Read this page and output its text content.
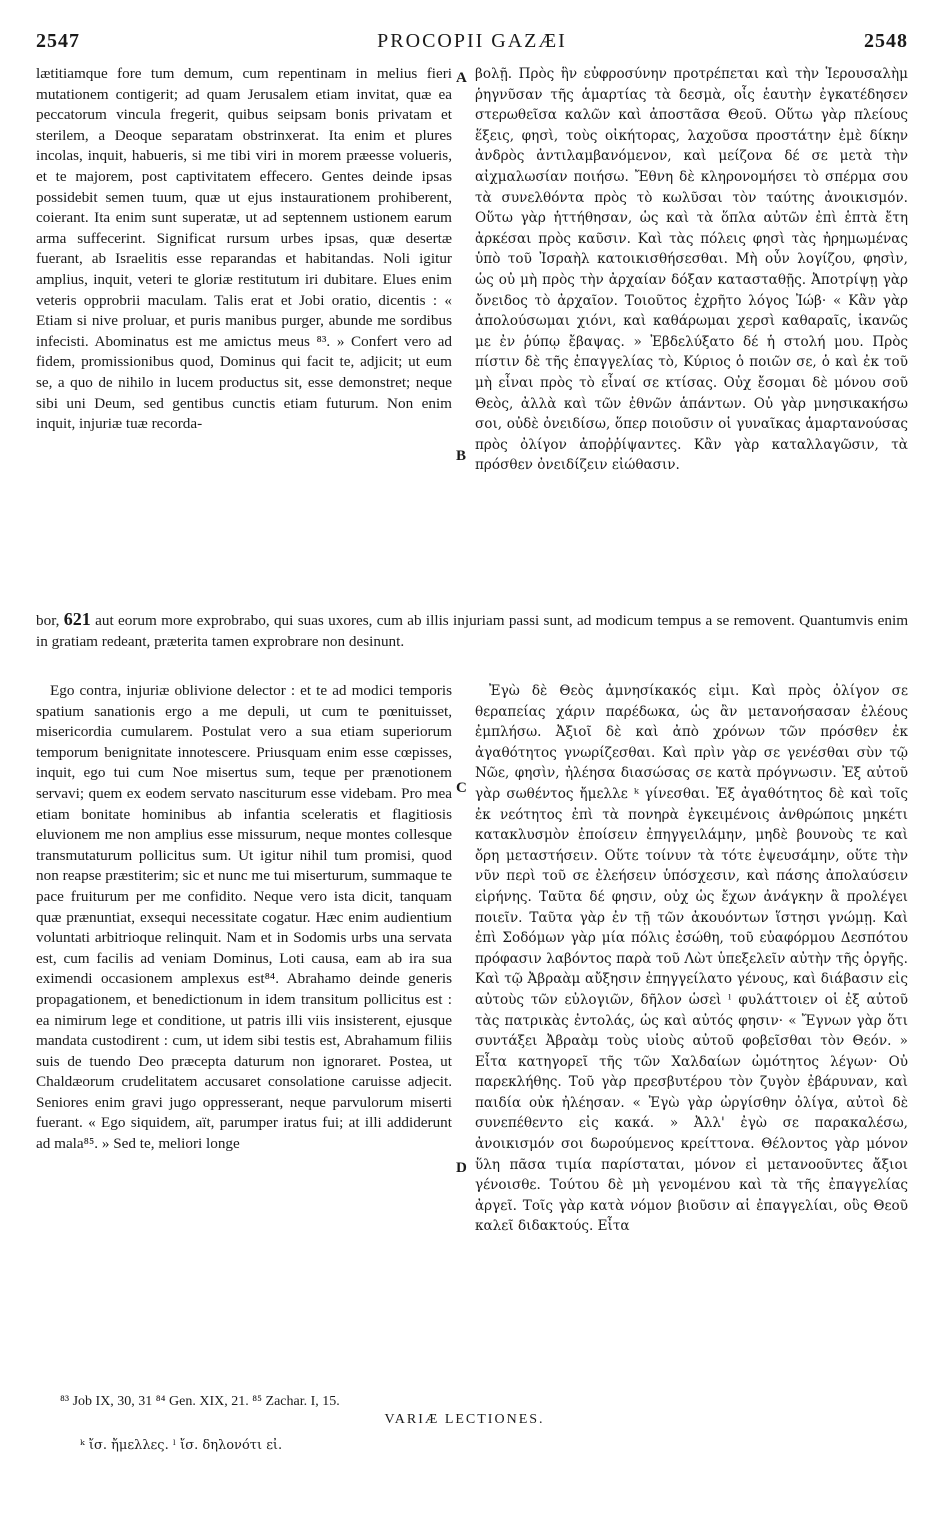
2547	PROCOPII GAZÆI	2548

lætitiamque fore tum demum, cum repentinam in melius fieri mutationem contigerit; ad quam Jerusalem etiam invitat, quæ ea peccatorum vincula fregerit, quibus seipsam bonis privatam et sterilem, a Deoque separatam obstrinxerat. Ita enim et plures incolas, inquit, habueris, si me tibi viri in morem præesse volueris, et te majorem, post captivitatem effecero. Gentes deinde ipsas possidebit semen tuum, quæ ut ejus instaurationem prohiberent, coierant. Ita enim sunt superatæ, ut ad septennem ustionem earum arma suffecerint. Significat rursum urbes ipsas, quæ desertæ fuerant, ab Israelitis esse reparandas et habitandas. Noli igitur amplius, inquit, veteri te gloriæ restitutum iri dubitare. Elues enim veteris opprobrii maculam. Talis erat et Jobi oratio, dicentis : « Etiam si nive proluar, et puris manibus purger, abunde me sordibus infecisti. Abominatus est me amictus meus ⁸³. » Confert vero ad fidem, promissionibus quod, Dominus qui facit te, adjicit; ut eum se, a quo de nihilo in lucem productus sit, esse demonstret; neque sibi uni Deum, sed gentibus cunctis etiam futurum. Non enim inquit, injuriæ tuæ recorda-

A
B
C
D

βολῇ. Πρὸς ἣν εὐφροσύνην προτρέπεται καὶ τὴν Ἱερουσαλὴμ ῥηγνῦσαν τῆς ἁμαρτίας τὰ δεσμὰ, οἷς ἑαυτὴν ἐγκατέδησεν στερωθεῖσα καλῶν καὶ ἀποστᾶσα Θεοῦ. Οὕτω γὰρ πλείους ἕξεις, φησὶ, τοὺς οἰκήτορας, λαχοῦσα προστάτην ἐμὲ δίκην ἀνδρὸς ἀντιλαμβανόμενον, καὶ μείζονα δέ σε μετὰ τὴν αἰχμαλωσίαν ποιήσω. Ἔθνη δὲ κληρονομήσει τὸ σπέρμα σου τὰ συνελθόντα πρὸς τὸ κωλῦσαι τὸν ταύτης ἀνοικισμόν. Οὕτω γὰρ ἡττήθησαν, ὡς καὶ τὰ ὅπλα αὐτῶν ἐπὶ ἑπτὰ ἔτη ἀρκέσαι πρὸς καῦσιν. Καὶ τὰς πόλεις φησὶ τὰς ἠρημωμένας ὑπὸ τοῦ Ἰσραὴλ κατοικισθήσεσθαι. Μὴ οὖν λογίζου, φησὶν, ὡς οὐ μὴ πρὸς τὴν ἀρχαίαν δόξαν κατασταθῇς. Ἀποτρίψῃ γὰρ ὄνειδος τὸ ἀρχαῖον. Τοιοῦτος ἐχρῆτο λόγος Ἰώβ· « Κἂν γὰρ ἀπολούσωμαι χιόνι, καὶ καθάρωμαι χερσὶ καθαραῖς, ἱκανῶς με ἐν ῥύπῳ ἔβαψας. » Ἐβδελύξατο δέ ἡ στολή μου. Πρὸς πίστιν δὲ τῆς ἐπαγγελίας τὸ, Κύριος ὁ ποιῶν σε, ὁ καὶ ἐκ τοῦ μὴ εἶναι πρὸς τὸ εἶναί σε κτίσας. Οὐχ ἔσομαι δὲ μόνου σοῦ Θεὸς, ἀλλὰ καὶ τῶν ἐθνῶν ἁπάντων. Οὐ γὰρ μνησικακήσω σοι, οὐδὲ ὀνειδίσω, ὅπερ ποιοῦσιν οἱ γυναῖκας ἁμαρτανούσας πρὸς ὀλίγον ἀποῤῥίψαντες. Κἂν γὰρ καταλλαγῶσιν, τὰ πρόσθεν ὀνειδίζειν εἰώθασιν.

bor, 621 aut eorum more exprobrabo, qui suas uxores, cum ab illis injuriam passi sunt, ad modicum tempus a se removent. Quantumvis enim in gratiam redeant, præterita tamen exprobrare non desinunt.

Ego contra, injuriæ oblivione delector : et te ad modici temporis spatium sanationis ergo a me depuli, ut cum te pœnituisset, misericordia cumularem. Postulat vero a sua etiam superiorum temporum benignitate innotescere. Priusquam enim esse cœpisses, inquit, ego tui cum Noe misertus sum, teque per prænotionem servavi; quem ex eodem servato nasciturum esse videbam. Pro mea etiam bonitate hominibus ab infantia sceleratis et flagitiosis eluvionem me non amplius esse missurum, neque montes collesque transmutaturum pollicitus sum. Ut igitur nihil tum promisi, quod non reapse præstiterim; sic et nunc me tui miserturum, summaque te pace fruiturum per me confidito. Neque vero ista dicit, tanquam quæ prænuntiat, exsequi necessitate cogatur. Hæc enim audientium voluntati arbitrioque relinquit. Nam et in Sodomis urbs una servata est, cum facilis ad veniam Dominus, Loti causa, eam ab ira sua eximendi occasionem amplexus est⁸⁴. Abrahamo deinde generis propagationem, et benedictionum in idem transitum pollicitus est : ea nimirum lege et conditione, ut patris illi viis insisterent, ejusque mandata custodirent : cum, ut idem sibi testis est, Abrahamum filiis suis de tuendo Deo præcepta daturum non ignoraret. Postea, ut Chaldæorum crudelitatem accusaret consolatione caruisse adjecit. Seniores enim gravi jugo oppresserant, neque parvulorum miserti fuerant. « Ego siquidem, aït, parumper iratus fui; at illi addiderunt ad mala⁸⁵. » Sed te, meliori longe

Ἐγὼ δὲ Θεὸς ἀμνησίκακός εἰμι. Καὶ πρὸς ὀλίγον σε θεραπείας χάριν παρέδωκα, ὡς ἂν μετανοήσασαν ἐλέους ἐμπλήσω. Ἀξιοῖ δὲ καὶ ἀπὸ χρόνων τῶν πρόσθεν ἐκ ἀγαθότητος γνωρίζεσθαι. Καὶ πρὶν γὰρ σε γενέσθαι σὺν τῷ Νῶε, φησὶν, ἠλέησα διασώσας σε κατὰ πρόγνωσιν. Ἐξ αὐτοῦ γὰρ σωθέντος ἤμελλε ᵏ γίνεσθαι. Ἐξ ἀγαθότητος δὲ καὶ τοῖς ἐκ νεότητος ἐπὶ τὰ πονηρὰ ἐγκειμένοις ἀνθρώποις μηκέτι κατακλυσμὸν ἐποίσειν ἐπηγγειλάμην, μηδὲ βουνοὺς τε καὶ ὄρη μεταστήσειν. Οὕτε τοίνυν τὰ τότε ἐψευσάμην, οὕτε τὴν νῦν περὶ τοῦ σε ἐλεήσειν ὑπόσχεσιν, καὶ πάσης ἀπολαύσειν εἰρήνης. Ταῦτα δέ φησιν, οὐχ ὡς ἔχων ἀνάγκην ἃ προλέγει ποιεῖν. Ταῦτα γὰρ ἐν τῇ τῶν ἀκουόντων ἵστησι γνώμῃ. Καὶ ἐπὶ Σοδόμων γὰρ μία πόλις ἐσώθη, τοῦ εὐαφόρμου Δεσπότου πρόφασιν λαβόντος παρὰ τοῦ Λὼτ ὑπεξελεῖν αὐτὴν τῆς ὀργῆς. Καὶ τῷ Ἀβραὰμ αὔξησιν ἐπηγγείλατο γένους, καὶ διάβασιν εἰς αὐτοὺς τῶν εὐλογιῶν, δῆλον ὡσεὶ ˡ φυλάττοιεν οἱ ἐξ αὐτοῦ τὰς πατρικὰς ἐντολάς, ὡς καὶ αὐτός φησιν· « Ἔγνων γὰρ ὅτι συντάξει Ἀβραὰμ τοὺς υἱοὺς αὐτοῦ φοβεῖσθαι τὸν Θεόν. » Εἶτα κατηγορεῖ τῆς τῶν Χαλδαίων ὠμότητος λέγων· Οὐ παρεκλήθης. Τοῦ γὰρ πρεσβυτέρου τὸν ζυγὸν ἐβάρυναν, καὶ παιδία οὐκ ἠλέησαν. « Ἐγὼ γὰρ ὠργίσθην ὀλίγα, αὐτοὶ δὲ συνεπέθεντο εἰς κακά. » Ἀλλ' ἐγὼ σε παρακαλέσω, ἀνοικισμόν σοι δωρούμενος κρείττονα. Θέλοντος γὰρ μόνον ὕλη πᾶσα τιμία παρίσταται, μόνον εἰ μετανοοῦντες ἄξιοι γένοισθε. Τούτου δὲ μὴ γενομένου καὶ τὰ τῆς ἐπαγγελίας ἀργεῖ. Τοῖς γὰρ κατὰ νόμον βιοῦσιν αἱ ἐπαγγελίαι, οὓς Θεοῦ καλεῖ διδακτούς. Εἶτα

⁸³ Job IX, 30, 31 ⁸⁴ Gen. XIX, 21. ⁸⁵ Zachar. I, 15.
VARIÆ LECTIONES.
ᵏ ἴσ. ἤμελλες. ˡ ἴσ. δηλονότι εἰ.
